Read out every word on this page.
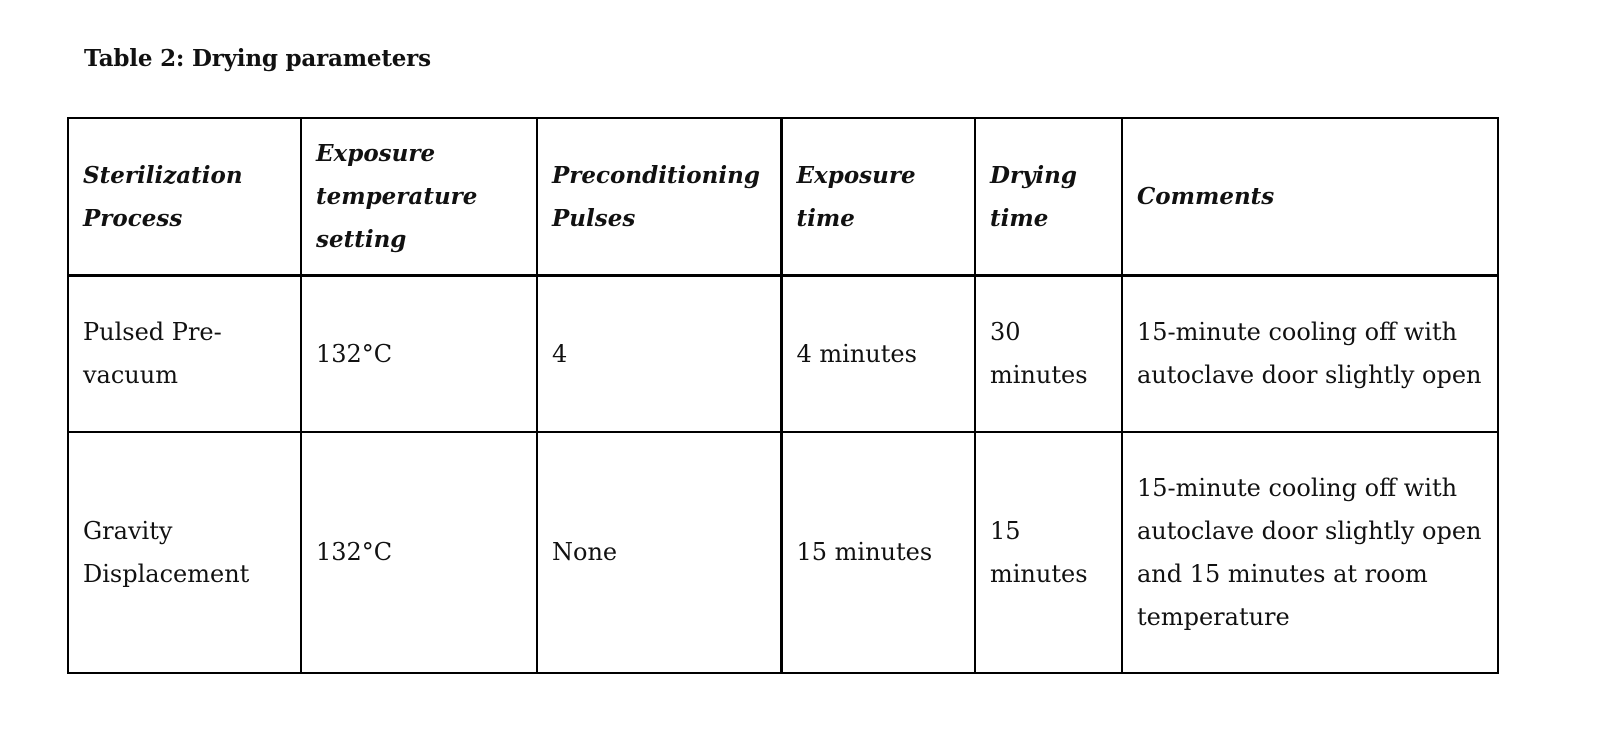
Table 2: Drying parameters
Sterilization Process	Exposure temperature setting	Preconditioning Pulses	Exposure time	Drying time	Comments

Pulsed Pre-vacuum	132°C	4	4 minutes	30 minutes	15-minute cooling off with autoclave door slightly open

Gravity Displacement	132°C	None	15 minutes	15 minutes	15-minute cooling off with autoclave door slightly open and 15 minutes at room temperature
